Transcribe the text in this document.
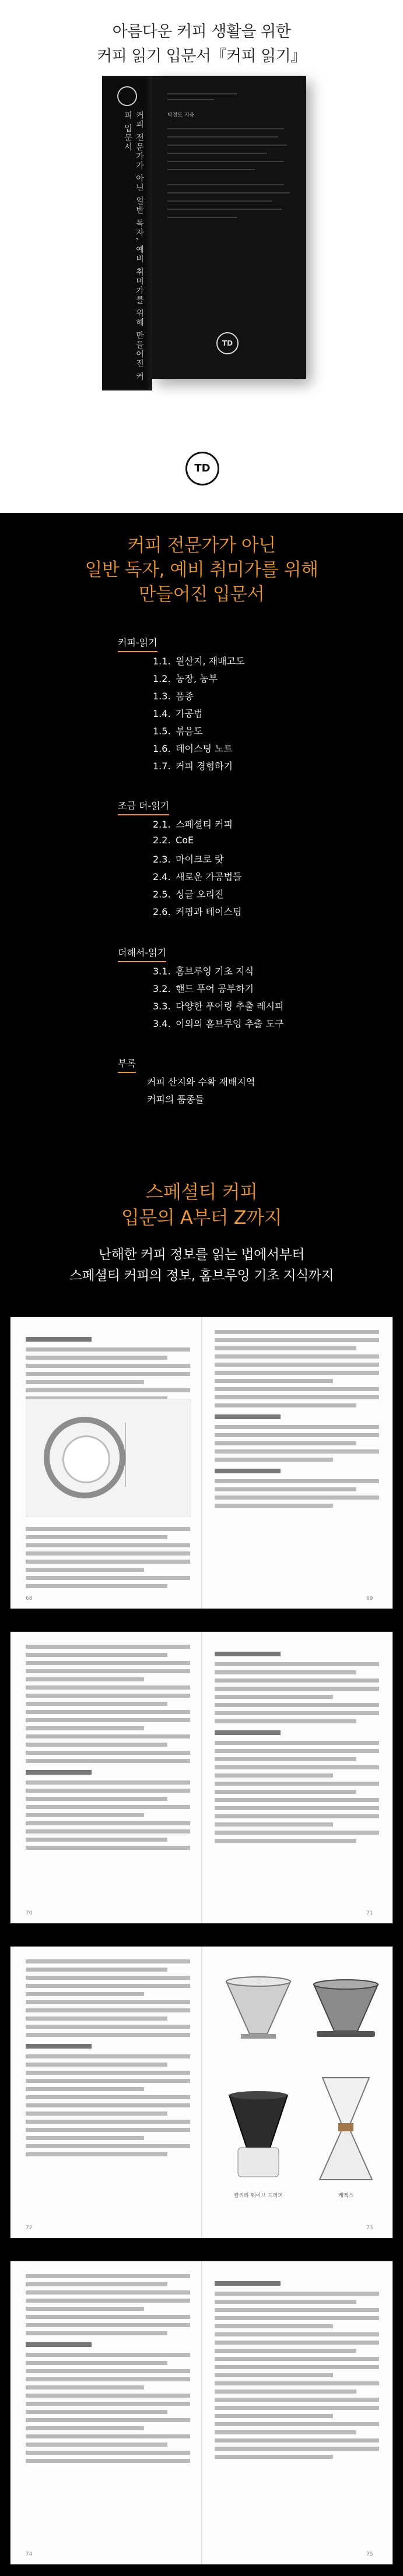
아름다운 커피 생활을 위한
커피 읽기 입문서『커피 읽기』
커피 전문가가 아닌 일반 독자, 예비 취미가를 위해 만들어진 커피 입문서	박정도 지음
TD
TD
커피 전문가가 아닌
일반 독자, 예비 취미가를 위해
만들어진 입문서
커피-읽기
1.1. 원산지, 재배고도
1.2. 농장, 농부
1.3. 품종
1.4. 가공법
1.5. 볶음도
1.6. 테이스팅 노트
1.7. 커피 경험하기
조금 더-읽기
2.1. 스페셜티 커피
2.2. CoE
2.3. 마이크로 랏
2.4. 새로운 가공법들
2.5. 싱글 오리진
2.6. 커핑과 테이스팅
더해서-읽기
3.1. 홈브루잉 기초 지식
3.2. 핸드 푸어 공부하기
3.3. 다양한 푸어링 추출 레시피
3.4. 이외의 홈브루잉 추출 도구
부록
커피 산지와 수확 재배지역
커피의 품종들
스페셜티 커피
입문의 A부터 Z까지
난해한 커피 정보를 읽는 법에서부터
스페셜티 커피의 정보, 홈브루잉 기초 지식까지
68	69
70	71
칼리타 웨이브 드리퍼	케멕스
72	73
74	75
